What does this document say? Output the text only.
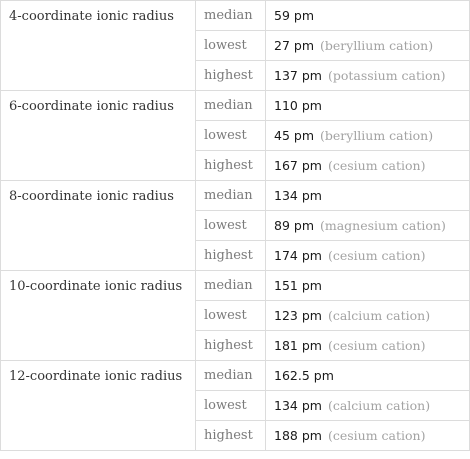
4-coordinate ionic radius	median	59 pm
	lowest	27 pm (beryllium cation)
	highest	137 pm (potassium cation)
6-coordinate ionic radius	median	110 pm
	lowest	45 pm (beryllium cation)
	highest	167 pm (cesium cation)
8-coordinate ionic radius	median	134 pm
	lowest	89 pm (magnesium cation)
	highest	174 pm (cesium cation)
10-coordinate ionic radius	median	151 pm
	lowest	123 pm (calcium cation)
	highest	181 pm (cesium cation)
12-coordinate ionic radius	median	162.5 pm
	lowest	134 pm (calcium cation)
	highest	188 pm (cesium cation)
